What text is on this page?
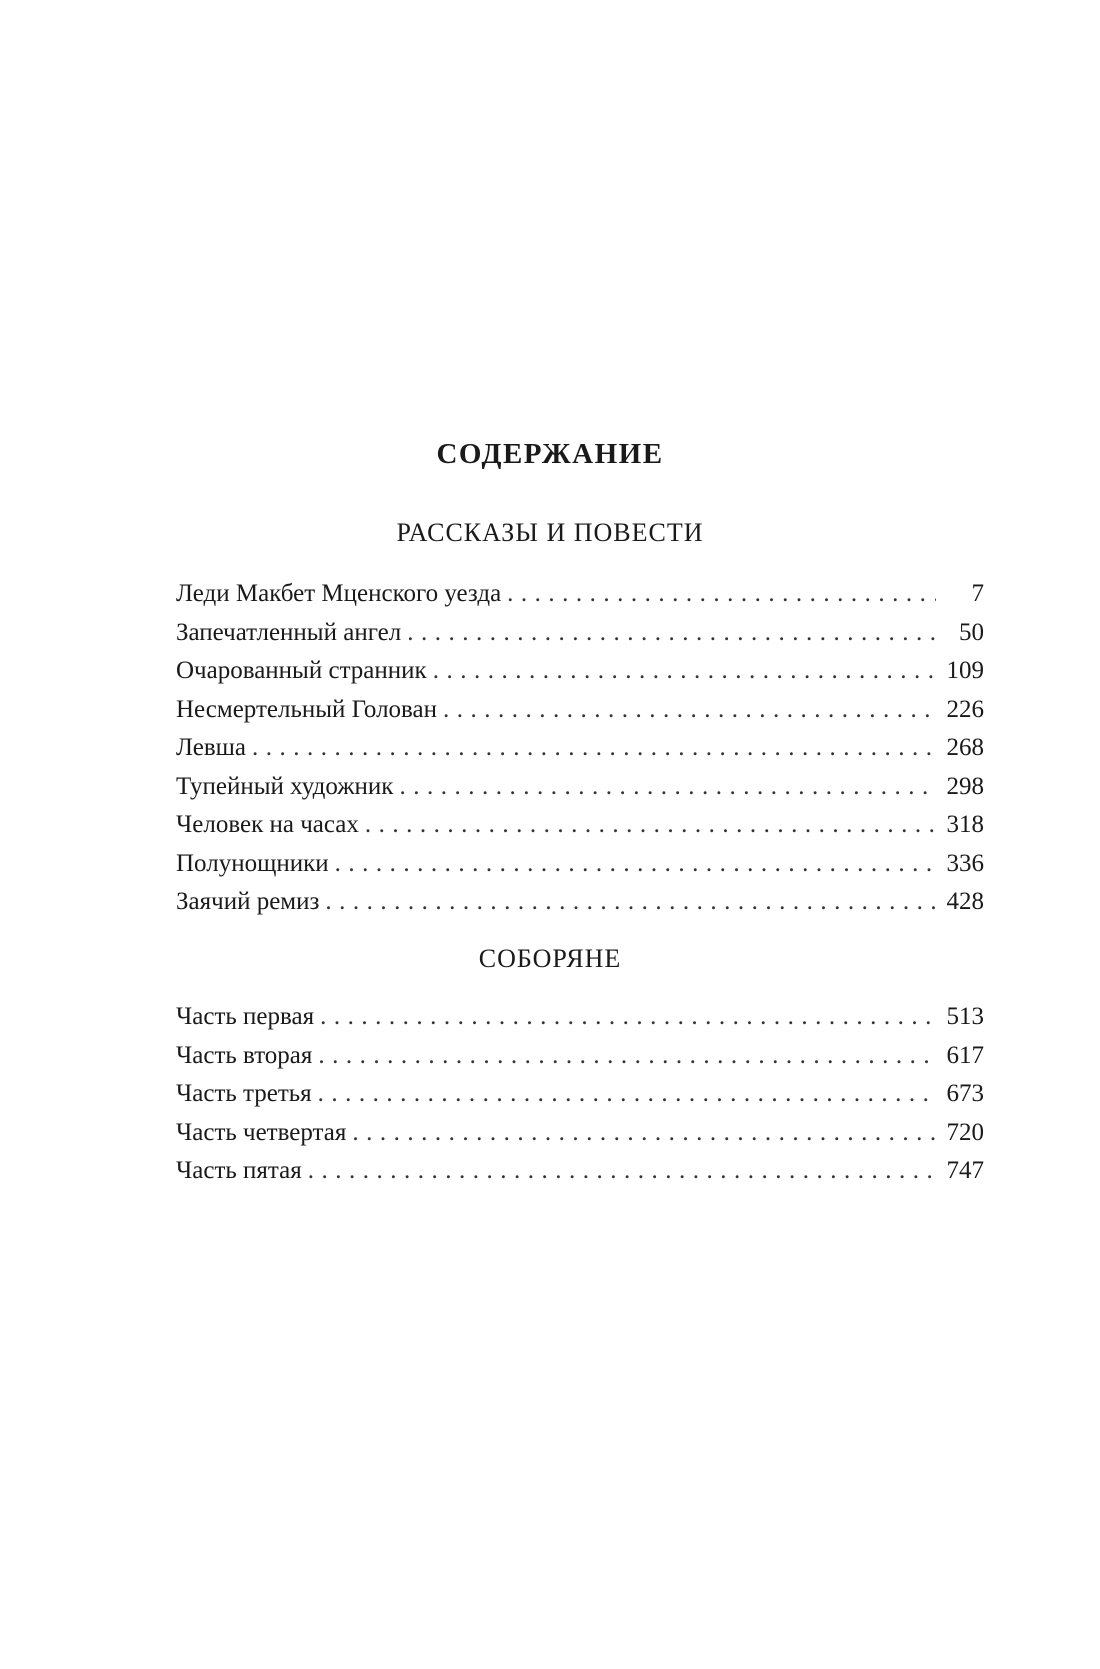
СОДЕРЖАНИЕ
РАССКАЗЫ И ПОВЕСТИ
Леди Макбет Мценского уезда .....	7
Запечатленный ангел .....	50
Очарованный странник .....	109
Несмертельный Голован .....	226
Левша .....	268
Тупейный художник .....	298
Человек на часах .....	318
Полунощники .....	336
Заячий ремиз .....	428
СОБОРЯНЕ
Часть первая .....	513
Часть вторая .....	617
Часть третья .....	673
Часть четвертая .....	720
Часть пятая .....	747
